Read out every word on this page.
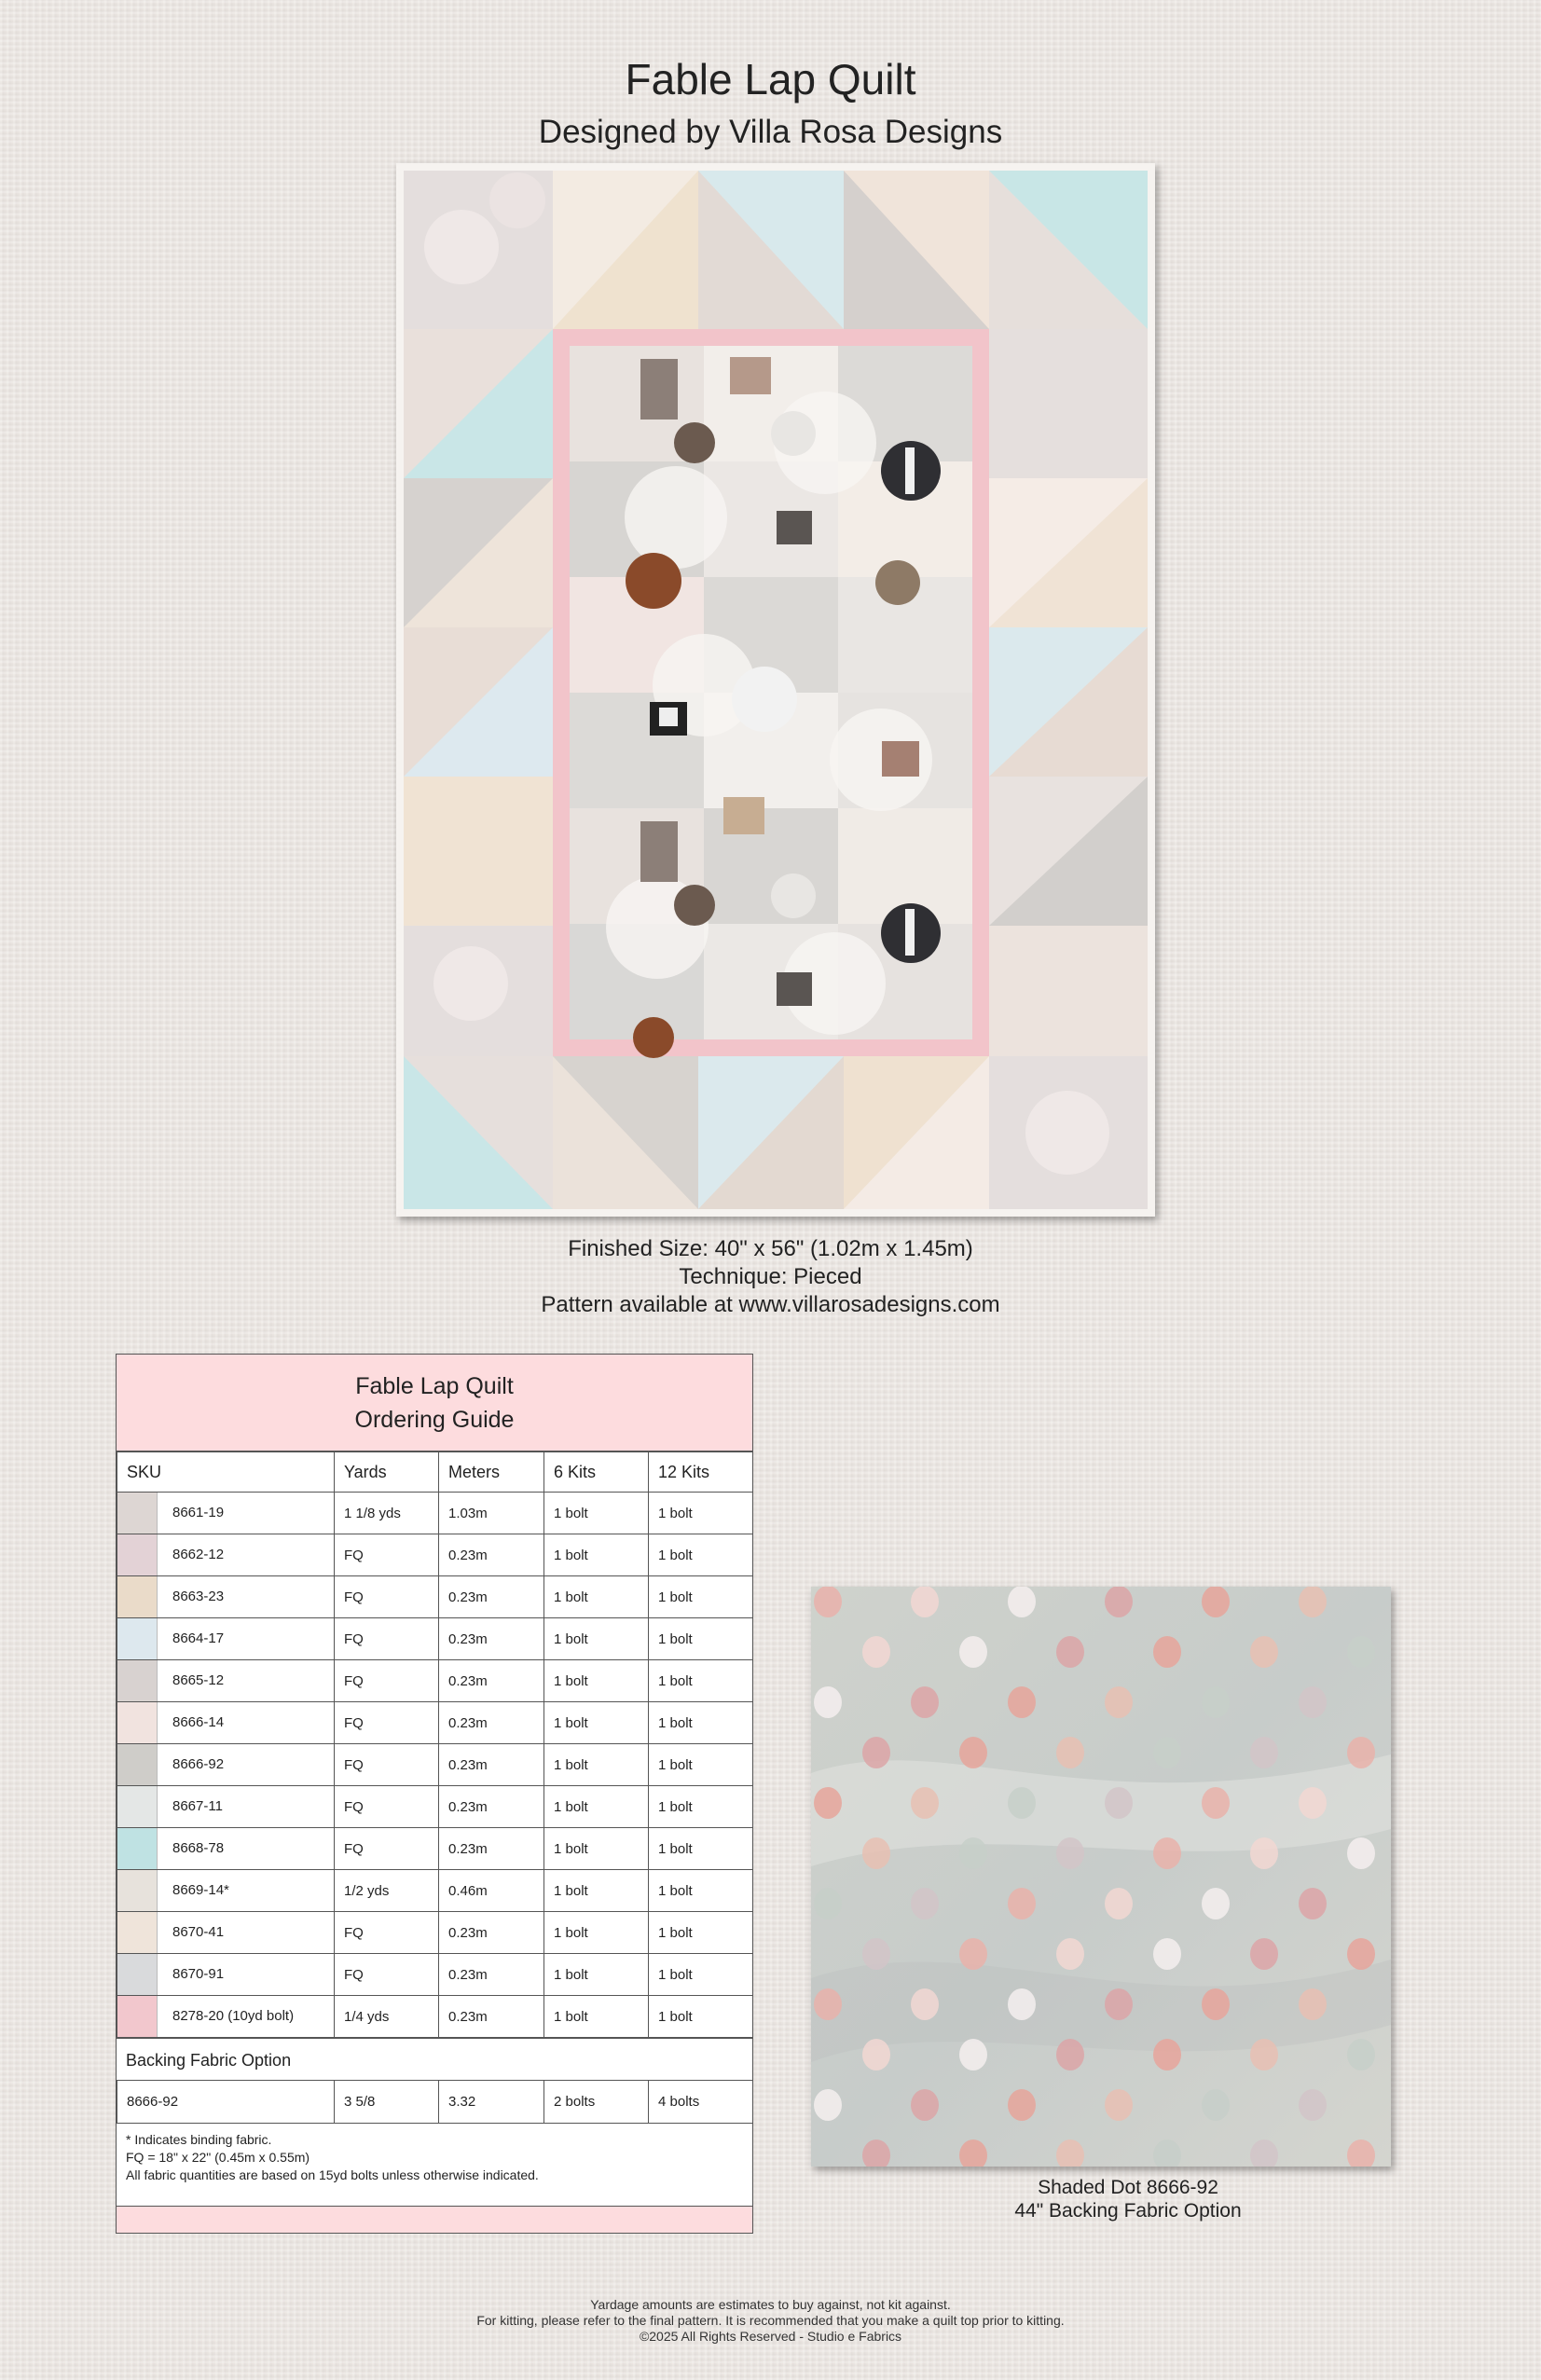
Fable Lap Quilt
Designed by Villa Rosa Designs
Finished Size: 40" x 56" (1.02m x 1.45m)
Technique: Pieced
Pattern available at www.villarosadesigns.com
Fable Lap Quilt
Ordering Guide
SKU	Yards	Meters	6 Kits	12 Kits
8661-19	1 1/8 yds	1.03m	1 bolt	1 bolt
8662-12	FQ	0.23m	1 bolt	1 bolt
8663-23	FQ	0.23m	1 bolt	1 bolt
8664-17	FQ	0.23m	1 bolt	1 bolt
8665-12	FQ	0.23m	1 bolt	1 bolt
8666-14	FQ	0.23m	1 bolt	1 bolt
8666-92	FQ	0.23m	1 bolt	1 bolt
8667-11	FQ	0.23m	1 bolt	1 bolt
8668-78	FQ	0.23m	1 bolt	1 bolt
8669-14*	1/2 yds	0.46m	1 bolt	1 bolt
8670-41	FQ	0.23m	1 bolt	1 bolt
8670-91	FQ	0.23m	1 bolt	1 bolt
8278-20 (10yd bolt)	1/4 yds	0.23m	1 bolt	1 bolt
Backing Fabric Option
8666-92	3 5/8	3.32	2 bolts	4 bolts
* Indicates binding fabric.
FQ = 18" x 22" (0.45m x 0.55m)
All fabric quantities are based on 15yd bolts unless otherwise indicated.
Shaded Dot 8666-92
44" Backing Fabric Option
Yardage amounts are estimates to buy against, not kit against.
For kitting, please refer to the final pattern. It is recommended that you make a quilt top prior to kitting.
©2025 All Rights Reserved - Studio e Fabrics
